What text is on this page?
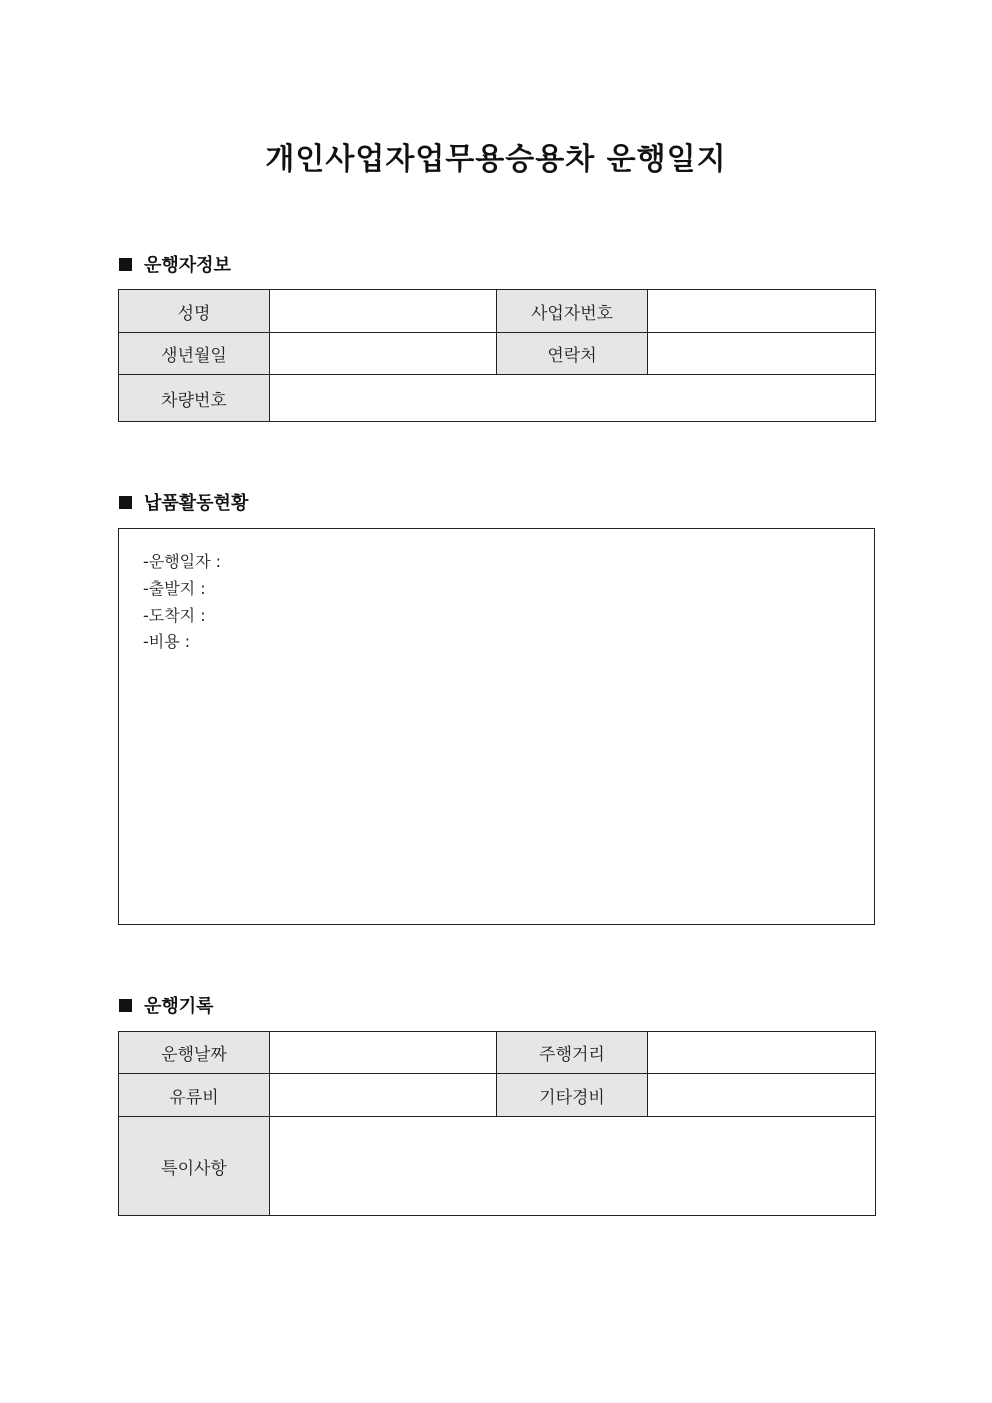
개인사업자업무용승용차 운행일지
운행자정보
성명		사업자번호	
생년월일		연락처	
차량번호			
납품활동현황
-운행일자 :
-출발지 :
-도착지 :
-비용 :
운행기록
운행날짜		주행거리	
유류비		기타경비	
특이사항			
